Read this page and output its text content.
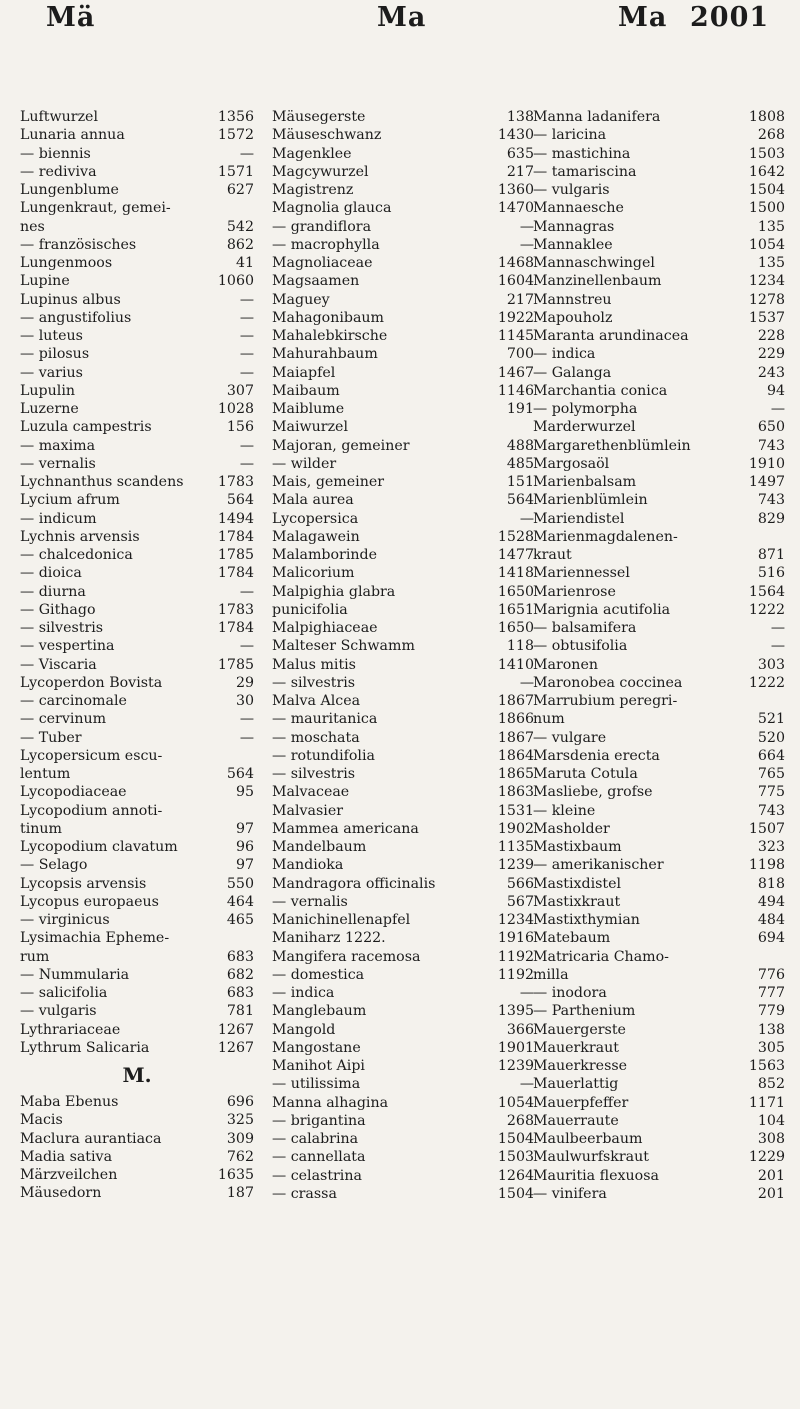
Mä	Ma	Ma 2001
Luftwurzel	1356
Lunaria annua	1572
— biennis	—
— rediviva	1571
Lungenblume	627
Lungenkraut, gemei-
nes	542
— französisches	862
Lungenmoos	41
Lupine	1060
Lupinus albus	—
— angustifolius	—
— luteus	—
— pilosus	—
— varius	—
Lupulin	307
Luzerne	1028
Luzula campestris	156
— maxima	—
— vernalis	—
Lychnanthus scandens 1783
Lycium afrum	564
— indicum	1494
Lychnis arvensis	1784
— chalcedonica	1785
— dioica	1784
— diurna	—
— Githago	1783
— silvestris	1784
— vespertina	—
— Viscaria	1785
Lycoperdon Bovista	29
— carcinomale	30
— cervinum	—
— Tuber	—
Lycopersicum escu-
lentum	564
Lycopodiaceae	95
Lycopodium annoti-
tinum	97
Lycopodium clavatum	96
— Selago	97
Lycopsis arvensis	550
Lycopus europaeus	464
— virginicus	465
Lysimachia Epheme-
rum	683
— Nummularia	682
— salicifolia	683
— vulgaris	781
Lythrariaceae	1267
Lythrum Salicaria	1267
M.
Maba Ebenus	696
Macis	325
Maclura aurantiaca	309
Madia sativa	762
Märzveilchen	1635
Mäusedorn	187
Mäusegerste	138
Mäuseschwanz	1430
Magenklee	635
Magcywurzel	217
Magistrenz	1360
Magnolia glauca	1470
— grandiflora	—
— macrophylla	—
Magnoliaceae	1468
Magsaamen	1604
Maguey	217
Mahagonibaum	1922
Mahalebkirsche	1145
Mahurahbaum	700
Maiapfel	1467
Maibaum	1146
Maiblume	191
Maiwurzel
Majoran, gemeiner	488
— wilder	485
Mais, gemeiner	151
Mala aurea	564
Lycopersica	—
Malagawein	1528
Malamborinde	1477
Malicorium	1418
Malpighia glabra	1650
punicifolia	1651
Malpighiaceae	1650
Malteser Schwamm	118
Malus mitis	1410
— silvestris	—
Malva Alcea	1867
— mauritanica	1866
— moschata	1867
— rotundifolia	1864
— silvestris	1865
Malvaceae	1863
Malvasier	1531
Mammea americana	1902
Mandelbaum	1135
Mandioka	1239
Mandragora officinalis	566
— vernalis	567
Manichinellenapfel	1234
Maniharz 1222.	1916
Mangifera racemosa	1192
— domestica	1192
— indica	—
Manglebaum	1395
Mangold	366
Mangostane	1901
Manihot Aipi	1239
— utilissima	—
Manna alhagina	1054
— brigantina	268
— calabrina	1504
— cannellata	1503
— celastrina	1264
— crassa	1504
Manna ladanifera	1808
— laricina	268
— mastichina	1503
— tamariscina	1642
— vulgaris	1504
Mannaesche	1500
Mannagras	135
Mannaklee	1054
Mannaschwingel	135
Manzinellenbaum	1234
Mannstreu	1278
Mapouholz	1537
Maranta arundinacea	228
— indica	229
— Galanga	243
Marchantia conica	94
— polymorpha	—
Marderwurzel	650
Margarethenblümlein	743
Margosaöl	1910
Marienbalsam	1497
Marienblümlein	743
Mariendistel	829
Marienmagdalenen-
kraut	871
Mariennessel	516
Marienrose	1564
Marignia acutifolia	1222
— balsamifera	—
— obtusifolia	—
Maronen	303
Maronobea coccinea	1222
Marrubium peregri-
num	521
— vulgare	520
Marsdenia erecta	664
Maruta Cotula	765
Masliebe, grofse	775
— kleine	743
Masholder	1507
Mastixbaum	323
— amerikanischer	1198
Mastixdistel	818
Mastixkraut	494
Mastixthymian	484
Matebaum	694
Matricaria Chamo-
milla	776
— inodora	777
— Parthenium	779
Mauergerste	138
Mauerkraut	305
Mauerkresse	1563
Mauerlattig	852
Mauerpfeffer	1171
Mauerraute	104
Maulbeerbaum	308
Maulwurfskraut	1229
Mauritia flexuosa	201
— vinifera	201
